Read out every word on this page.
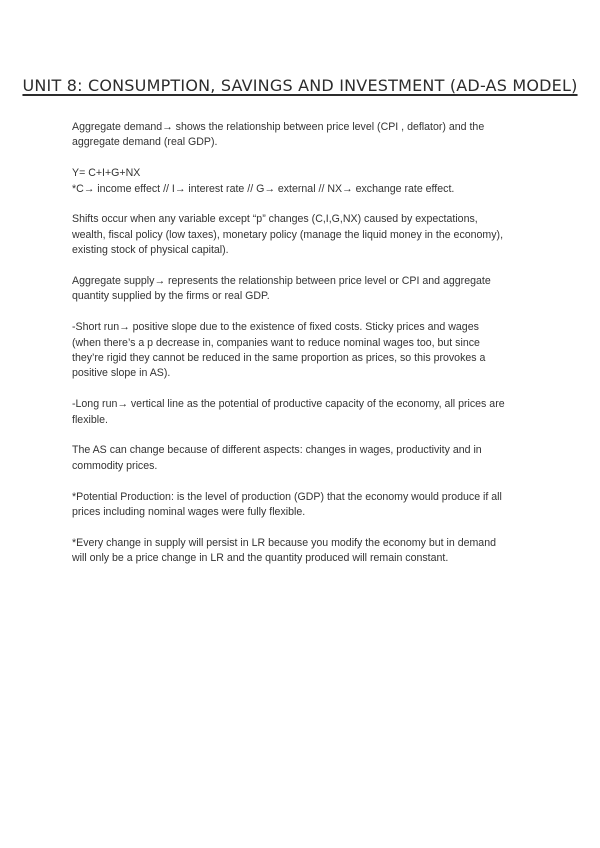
UNIT 8: CONSUMPTION, SAVINGS AND INVESTMENT (AD-AS MODEL)

Aggregate demand→ shows the relationship between price level (CPI , deflator) and the
aggregate demand (real GDP).

Y= C+I+G+NX
*C→ income effect // I→ interest rate // G→ external // NX→ exchange rate effect.

Shifts occur when any variable except “p” changes (C,I,G,NX) caused by expectations,
wealth, fiscal policy (low taxes), monetary policy (manage the liquid money in the economy),
existing stock of physical capital).

Aggregate supply→ represents the relationship between price level or CPI and aggregate
quantity supplied by the firms or real GDP.

-Short run→ positive slope due to the existence of fixed costs. Sticky prices and wages
(when there’s a p decrease in, companies want to reduce nominal wages too, but since
they’re rigid they cannot be reduced in the same proportion as prices, so this provokes a
positive slope in AS).

-Long run→ vertical line as the potential of productive capacity of the economy, all prices are
flexible.

The AS can change because of different aspects: changes in wages, productivity and in
commodity prices.

*Potential Production: is the level of production (GDP) that the economy would produce if all
prices including nominal wages were fully flexible.

*Every change in supply will persist in LR because you modify the economy but in demand
will only be a price change in LR and the quantity produced will remain constant.
